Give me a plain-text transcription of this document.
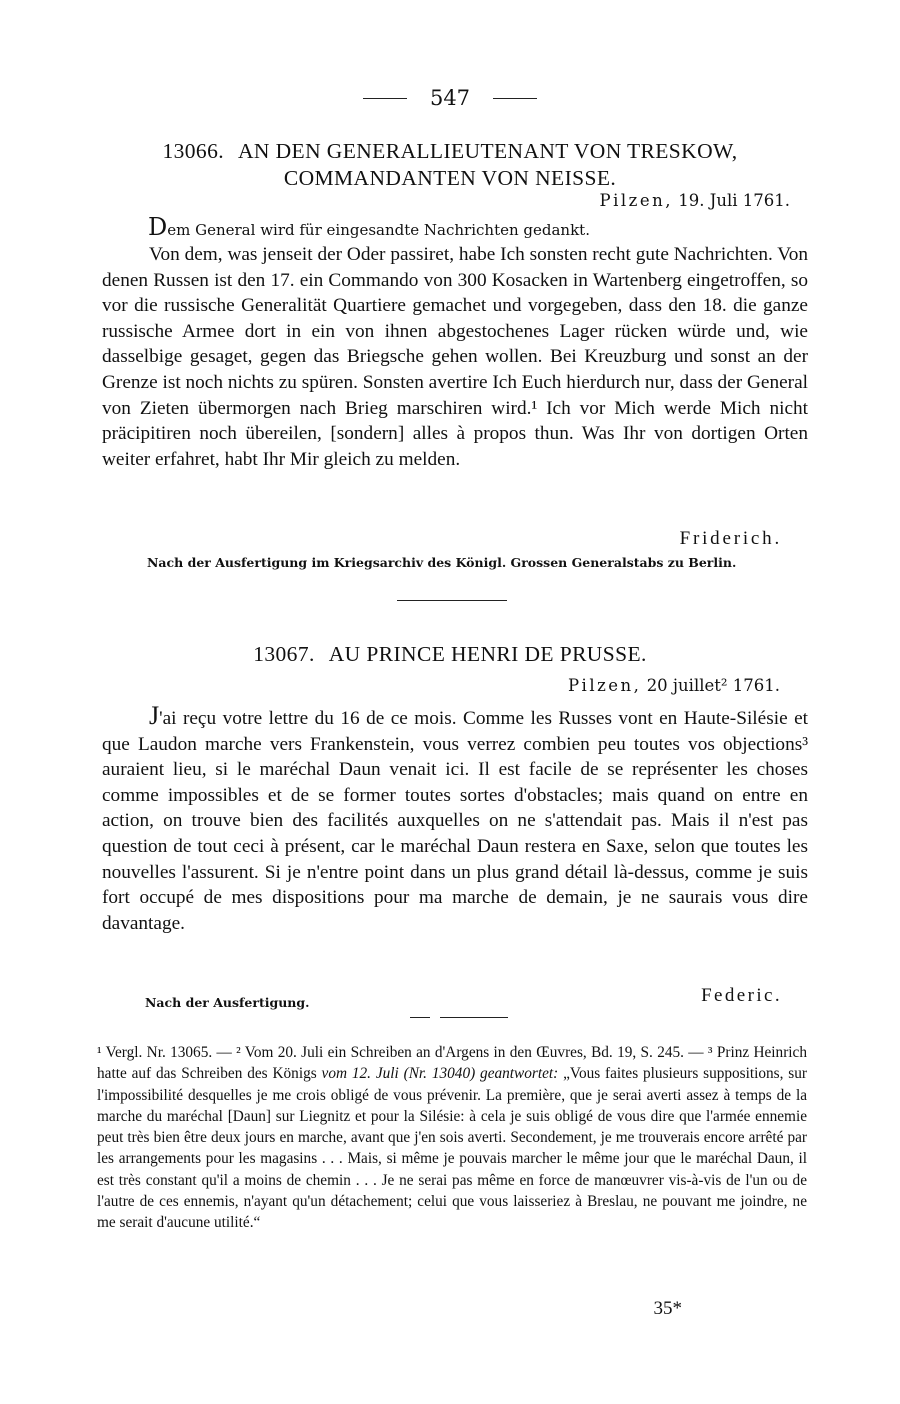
547
13066. AN DEN GENERALLIEUTENANT VON TRESKOW,
COMMANDANTEN VON NEISSE.
Pilzen, 19. Juli 1761.
Dem General wird für eingesandte Nachrichten gedankt.

Von dem, was jenseit der Oder passiret, habe Ich sonsten recht gute Nachrichten. Von denen Russen ist den 17. ein Commando von 300 Kosacken in Wartenberg eingetroffen, so vor die russische Generalität Quartiere gemachet und vorgegeben, dass den 18. die ganze russische Armee dort in ein von ihnen abgestochenes Lager rücken würde und, wie dasselbige gesaget, gegen das Briegsche gehen wollen. Bei Kreuzburg und sonst an der Grenze ist noch nichts zu spüren. Sonsten avertire Ich Euch hierdurch nur, dass der General von Zieten übermorgen nach Brieg marschiren wird.¹ Ich vor Mich werde Mich nicht präcipitiren noch übereilen, [sondern] alles à propos thun. Was Ihr von dortigen Orten weiter erfahret, habt Ihr Mir gleich zu melden.

Friderich.
Nach der Ausfertigung im Kriegsarchiv des Königl. Grossen Generalstabs zu Berlin.
13067. AU PRINCE HENRI DE PRUSSE.
Pilzen, 20 juillet² 1761.

J'ai reçu votre lettre du 16 de ce mois. Comme les Russes vont en Haute-Silésie et que Laudon marche vers Frankenstein, vous verrez combien peu toutes vos objections³ auraient lieu, si le maréchal Daun venait ici. Il est facile de se représenter les choses comme impossibles et de se former toutes sortes d'obstacles; mais quand on entre en action, on trouve bien des facilités auxquelles on ne s'attendait pas. Mais il n'est pas question de tout ceci à présent, car le maréchal Daun restera en Saxe, selon que toutes les nouvelles l'assurent. Si je n'entre point dans un plus grand détail là-dessus, comme je suis fort occupé de mes dispositions pour ma marche de demain, je ne saurais vous dire davantage.

Nach der Ausfertigung.	Federic.

¹ Vergl. Nr. 13065. — ² Vom 20. Juli ein Schreiben an d'Argens in den Œuvres, Bd. 19, S. 245. — ³ Prinz Heinrich hatte auf das Schreiben des Königs vom 12. Juli (Nr. 13040) geantwortet: „Vous faites plusieurs suppositions, sur l'impossibilité desquelles je me crois obligé de vous prévenir. La première, que je serai averti assez à temps de la marche du maréchal [Daun] sur Liegnitz et pour la Silésie: à cela je suis obligé de vous dire que l'armée ennemie peut très bien être deux jours en marche, avant que j'en sois averti. Secondement, je me trouverais encore arrêté par les arrangements pour les magasins . . . Mais, si même je pouvais marcher le même jour que le maréchal Daun, il est très constant qu'il a moins de chemin . . . Je ne serai pas même en force de manœuvrer vis-à-vis de l'un ou de l'autre de ces ennemis, n'ayant qu'un détachement; celui que vous laisseriez à Breslau, ne pouvant me joindre, ne me serait d'aucune utilité.“

35*
